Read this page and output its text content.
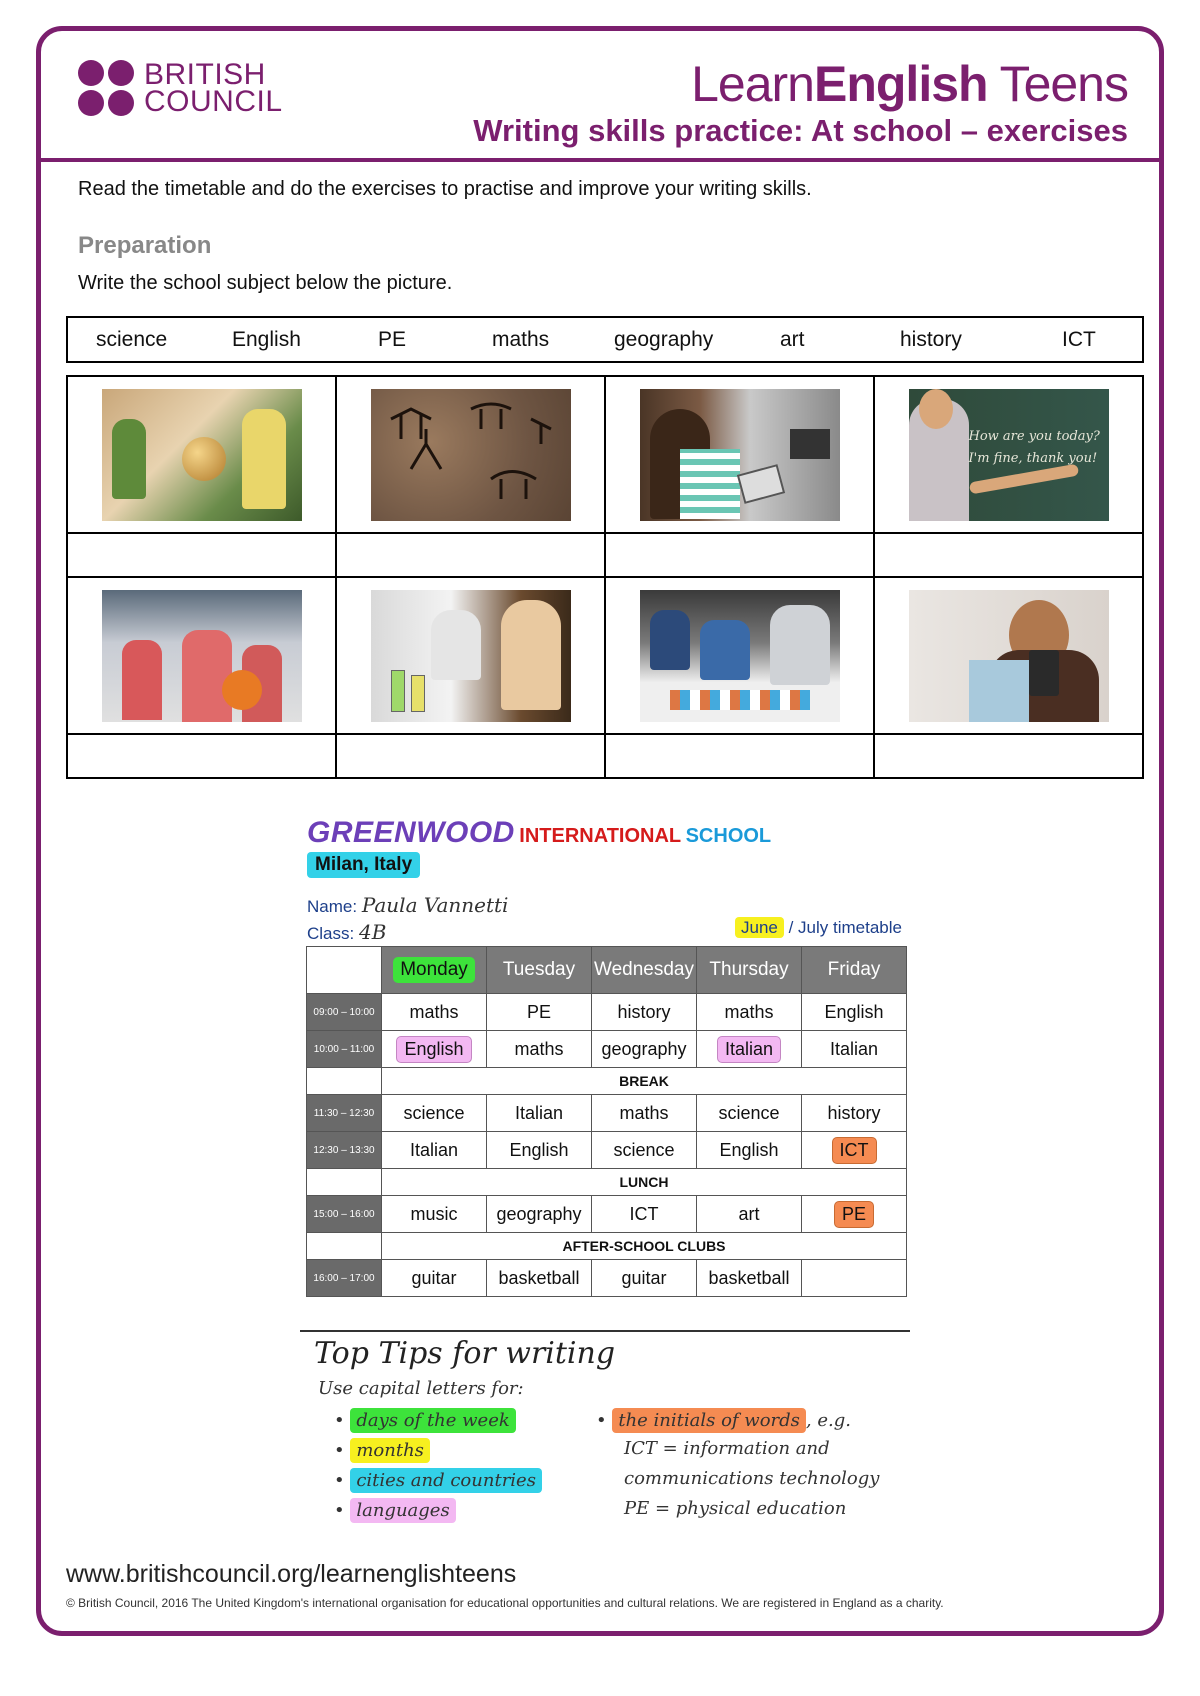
BRITISH
COUNCIL	LearnEnglish Teens
Writing skills practice: At school – exercises
Read the timetable and do the exercises to practise and improve your writing skills.
Preparation
Write the school subject below the picture.
science	English	PE	maths	geography	art	history	ICT

How are you today?
I'm fine, thank you!

GREENWOOD INTERNATIONAL SCHOOL
Milan, Italy
Name: Paula Vannetti
Class: 4B	June / July timetable
	Monday	Tuesday	Wednesday	Thursday	Friday
09:00 – 10:00	maths	PE	history	maths	English
10:00 – 11:00	English	maths	geography	Italian	Italian
	BREAK				
11:30 – 12:30	science	Italian	maths	science	history
12:30 – 13:30	Italian	English	science	English	ICT
	LUNCH				
15:00 – 16:00	music	geography	ICT	art	PE
	AFTER-SCHOOL CLUBS				
16:00 – 17:00	guitar	basketball	guitar	basketball	
Top Tips for writing
Use capital letters for:
• days of the week
• months
• cities and countries
• languages
• the initials of words , e.g.
ICT = information and
communications technology
PE = physical education
www.britishcouncil.org/learnenglishteens
© British Council, 2016 The United Kingdom's international organisation for educational opportunities and cultural relations. We are registered in England as a charity.
